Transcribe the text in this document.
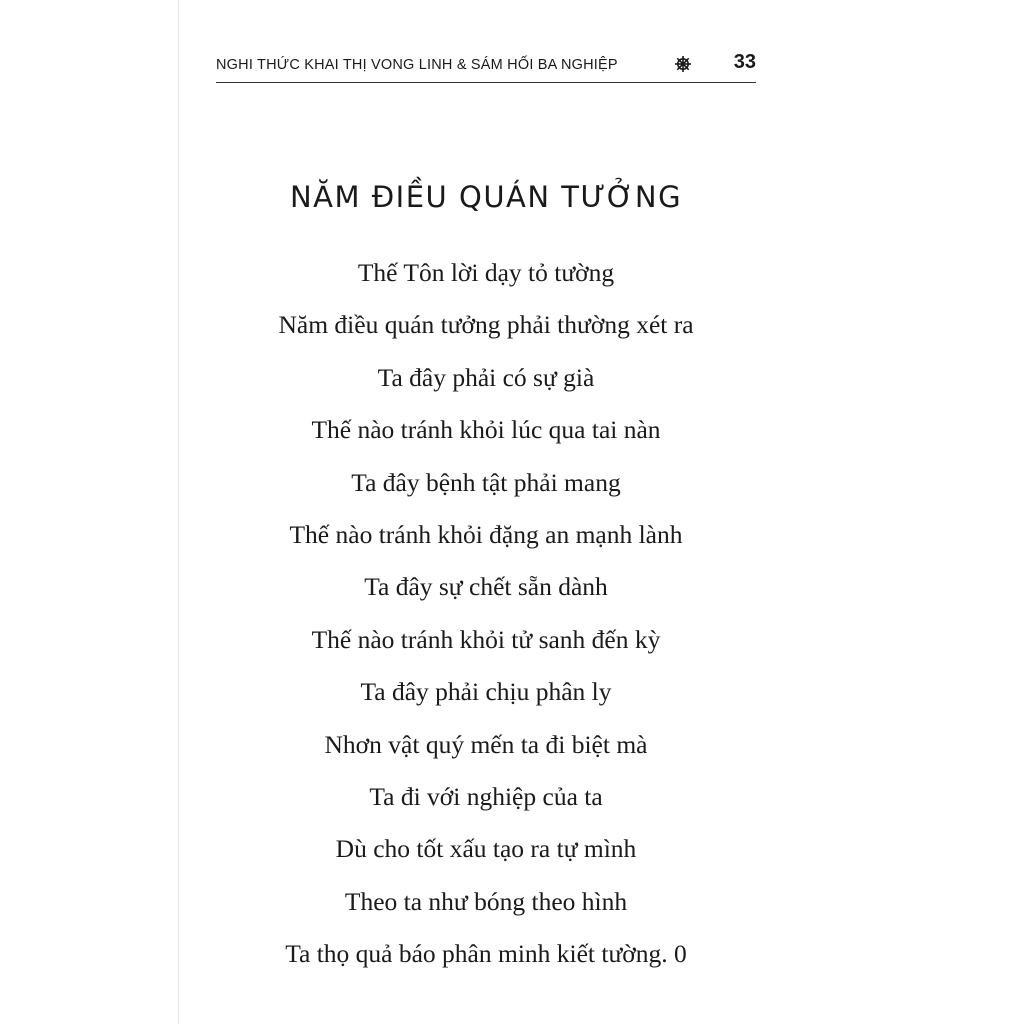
NGHI THỨC KHAI THỊ VONG LINH & SÁM HỐI BA NGHIỆP	33
NĂM ĐIỀU QUÁN TƯỞNG
Thế Tôn lời dạy tỏ tường
Năm điều quán tưởng phải thường xét ra
Ta đây phải có sự già
Thế nào tránh khỏi lúc qua tai nàn
Ta đây bệnh tật phải mang
Thế nào tránh khỏi đặng an mạnh lành
Ta đây sự chết sẵn dành
Thế nào tránh khỏi tử sanh đến kỳ
Ta đây phải chịu phân ly
Nhơn vật quý mến ta đi biệt mà
Ta đi với nghiệp của ta
Dù cho tốt xấu tạo ra tự mình
Theo ta như bóng theo hình
Ta thọ quả báo phân minh kiết tường. 0
